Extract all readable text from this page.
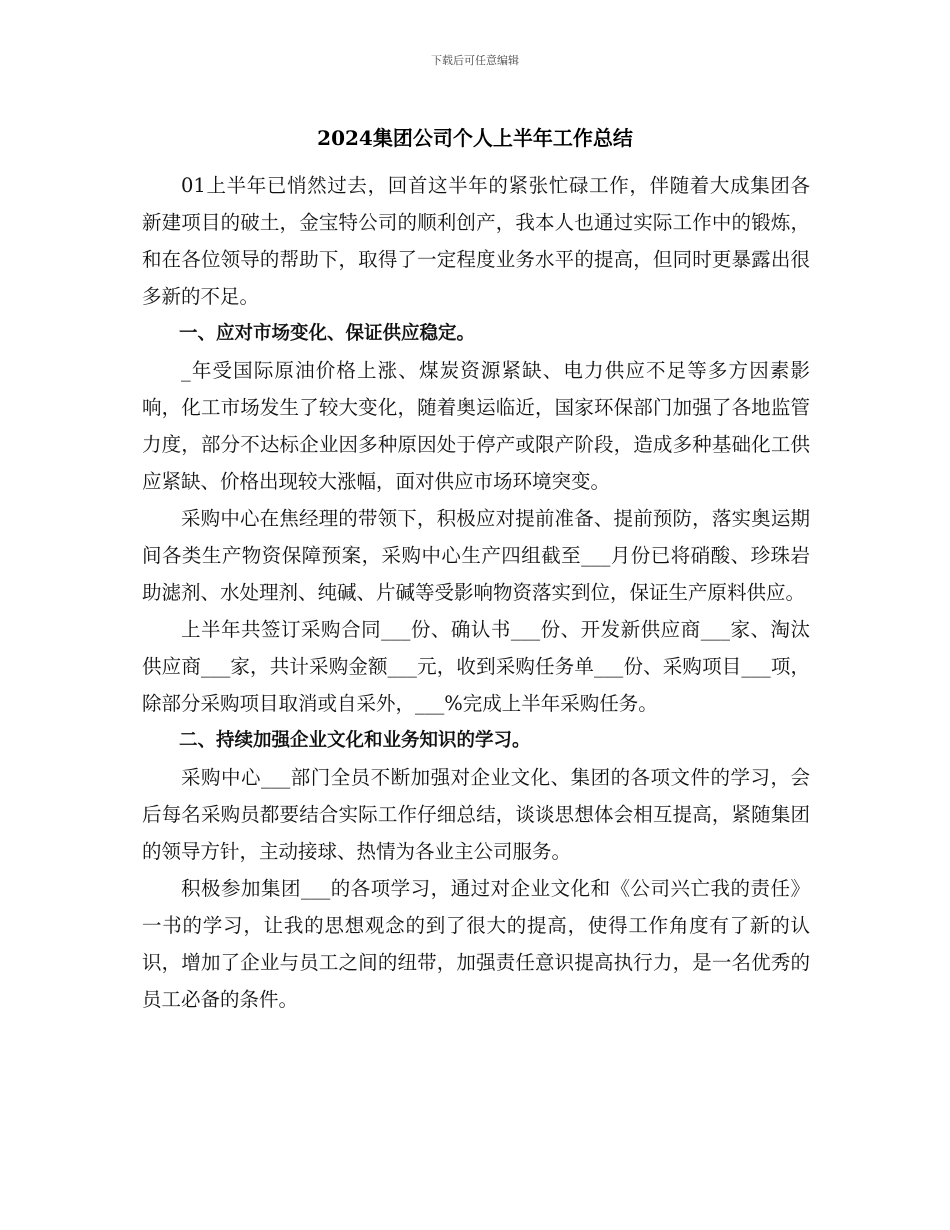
下载后可任意编辑
2024集团公司个人上半年工作总结

01上半年已悄然过去，回首这半年的紧张忙碌工作，伴随着大成集团各新建项目的破土，金宝特公司的顺利创产，我本人也通过实际工作中的锻炼，和在各位领导的帮助下，取得了一定程度业务水平的提高，但同时更暴露出很多新的不足。

一、应对市场变化、保证供应稳定。

_年受国际原油价格上涨、煤炭资源紧缺、电力供应不足等多方因素影响，化工市场发生了较大变化，随着奥运临近，国家环保部门加强了各地监管力度，部分不达标企业因多种原因处于停产或限产阶段，造成多种基础化工供应紧缺、价格出现较大涨幅，面对供应市场环境突变。

采购中心在焦经理的带领下，积极应对提前准备、提前预防，落实奥运期间各类生产物资保障预案，采购中心生产四组截至___月份已将硝酸、珍珠岩助滤剂、水处理剂、纯碱、片碱等受影响物资落实到位，保证生产原料供应。

上半年共签订采购合同___份、确认书___份、开发新供应商___家、淘汰供应商___家，共计采购金额___元，收到采购任务单___份、采购项目___项，除部分采购项目取消或自采外，___%完成上半年采购任务。

二、持续加强企业文化和业务知识的学习。

采购中心___部门全员不断加强对企业文化、集团的各项文件的学习，会后每名采购员都要结合实际工作仔细总结，谈谈思想体会相互提高，紧随集团的领导方针，主动接球、热情为各业主公司服务。

积极参加集团___的各项学习，通过对企业文化和《公司兴亡我的责任》一书的学习，让我的思想观念的到了很大的提高，使得工作角度有了新的认识，增加了企业与员工之间的纽带，加强责任意识提高执行力，是一名优秀的员工必备的条件。
